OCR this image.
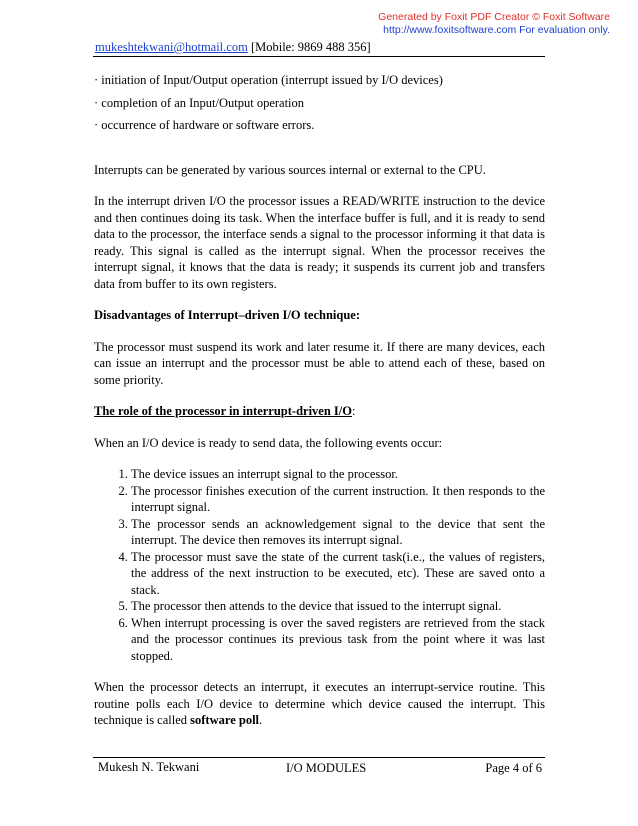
Generated by Foxit PDF Creator © Foxit Software
http://www.foxitsoftware.com For evaluation only.
mukeshtekwani@hotmail.com [Mobile: 9869 488 356]
· initiation of Input/Output operation (interrupt issued by I/O devices)
· completion of an Input/Output operation
· occurrence of hardware or software errors.

Interrupts can be generated by various sources internal or external to the CPU.

In the interrupt driven I/O the processor issues a READ/WRITE instruction to the device and then continues doing its task. When the interface buffer is full, and it is ready to send data to the processor, the interface sends a signal to the processor informing it that data is ready. This signal is called as the interrupt signal. When the processor receives the interrupt signal, it knows that the data is ready; it suspends its current job and transfers data from buffer to its own registers.

Disadvantages of Interrupt–driven I/O technique:

The processor must suspend its work and later resume it. If there are many devices, each can issue an interrupt and the processor must be able to attend each of these, based on some priority.

The role of the processor in interrupt-driven I/O:

When an I/O device is ready to send data, the following events occur:

1. The device issues an interrupt signal to the processor.
2. The processor finishes execution of the current instruction. It then responds to the interrupt signal.
3. The processor sends an acknowledgement signal to the device that sent the interrupt. The device then removes its interrupt signal.
4. The processor must save the state of the current task(i.e., the values of registers, the address of the next instruction to be executed, etc). These are saved onto a stack.
5. The processor then attends to the device that issued to the interrupt signal.
6. When interrupt processing is over the saved registers are retrieved from the stack and the processor continues its previous task from the point where it was last stopped.

When the processor detects an interrupt, it executes an interrupt-service routine. This routine polls each I/O device to determine which device caused the interrupt. This technique is called software poll.

Mukesh N. Tekwani	I/O MODULES	Page 4 of 6
